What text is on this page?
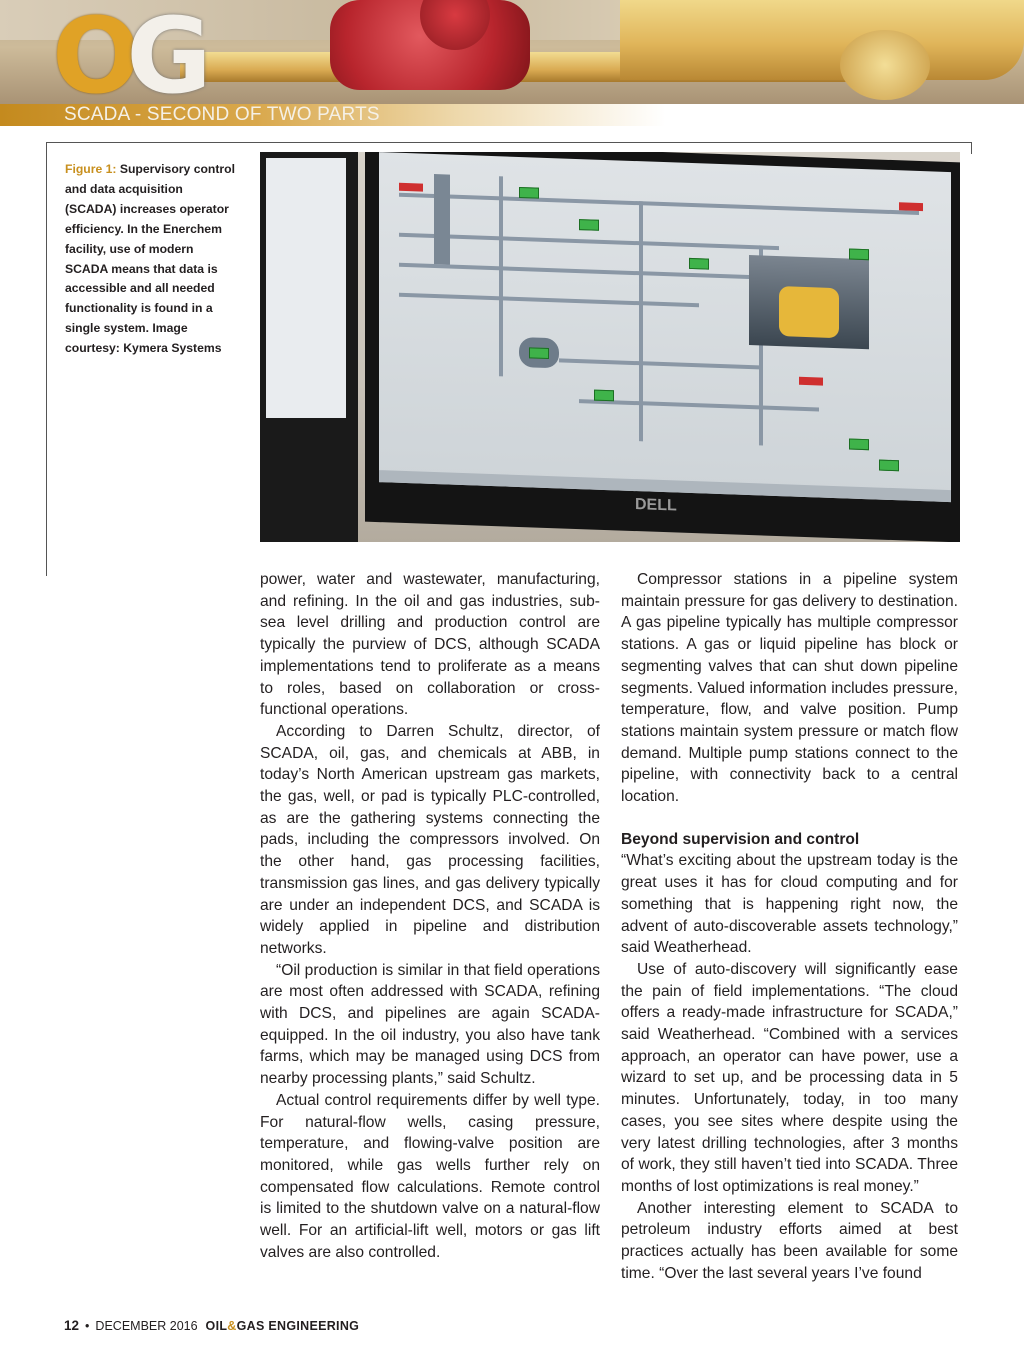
OG
SCADA - SECOND OF TWO PARTS
Figure 1: Supervisory control and data acquisition (SCADA) increases operator efficiency. In the Enerchem facility, use of modern SCADA means that data is accessible and all needed functionality is found in a single system. Image courtesy: Kymera Systems
DELL

power, water and wastewater, manufacturing, and refining. In the oil and gas industries, sub-sea level drilling and production control are typically the purview of DCS, although SCADA implementations tend to proliferate as a means to roles, based on collaboration or cross-functional operations.

According to Darren Schultz, director, of SCADA, oil, gas, and chemicals at ABB, in today’s North American upstream gas markets, the gas, well, or pad is typically PLC-controlled, as are the gathering systems connecting the pads, including the compressors involved. On the other hand, gas processing facilities, transmission gas lines, and gas delivery typically are under an independent DCS, and SCADA is widely applied in pipeline and distribution networks.

“Oil production is similar in that field operations are most often addressed with SCADA, refining with DCS, and pipelines are again SCADA-equipped. In the oil industry, you also have tank farms, which may be managed using DCS from nearby processing plants,” said Schultz.

Actual control requirements differ by well type. For natural-flow wells, casing pressure, temperature, and flowing-valve position are monitored, while gas wells further rely on compensated flow calculations. Remote control is limited to the shutdown valve on a natural-flow well. For an artificial-lift well, motors or gas lift valves are also controlled.

Compressor stations in a pipeline system maintain pressure for gas delivery to destination. A gas pipeline typically has multiple compressor stations. A gas or liquid pipeline has block or segmenting valves that can shut down pipeline segments. Valued information includes pressure, temperature, flow, and valve position. Pump stations maintain system pressure or match flow demand. Multiple pump stations connect to the pipeline, with connectivity back to a central location.

Beyond supervision and control

“What’s exciting about the upstream today is the great uses it has for cloud computing and for something that is happening right now, the advent of auto-discoverable assets technology,” said Weatherhead.

Use of auto-discovery will significantly ease the pain of field implementations. “The cloud offers a ready-made infrastructure for SCADA,” said Weatherhead. “Combined with a services approach, an operator can have power, use a wizard to set up, and be processing data in 5 minutes. Unfortunately, today, in too many cases, you see sites where despite using the very latest drilling technologies, after 3 months of work, they still haven’t tied into SCADA. Three months of lost optimizations is real money.”

Another interesting element to SCADA to petroleum industry efforts aimed at best practices actually has been available for some time. “Over the last several years I’ve found

12 • DECEMBER 2016 OIL&GAS ENGINEERING
